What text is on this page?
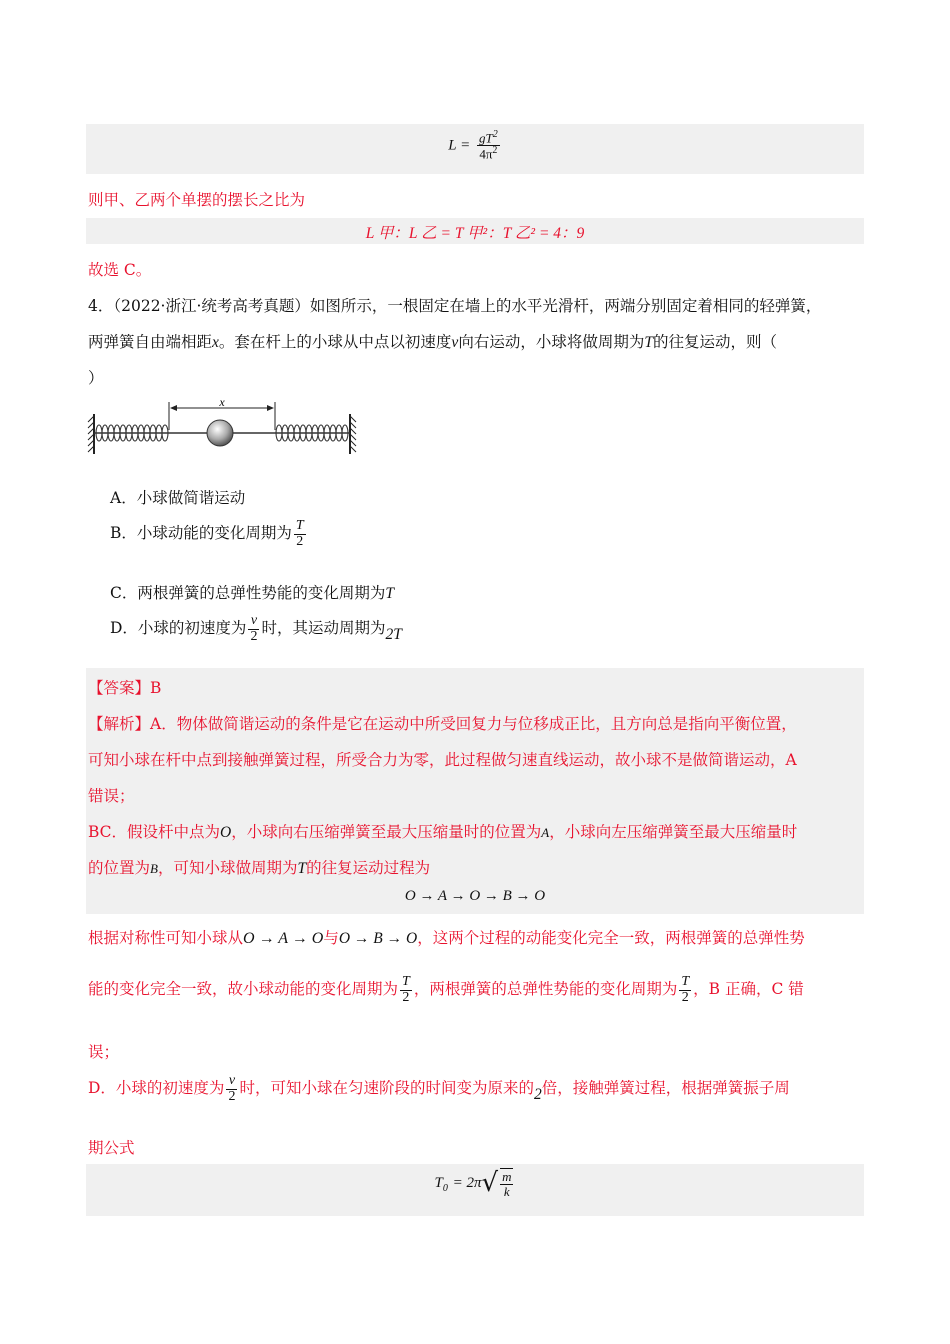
$L = \frac{gT^2}{4\pi^2}$
则甲、乙两个单摆的摆长之比为
L 甲：L 乙 = T 甲²：T 乙² = 4：9
故选 C。
4．（2022·浙江·统考高考真题）如图所示，一根固定在墙上的水平光滑杆，两端分别固定着相同的轻弹簧，
两弹簧自由端相距x。套在杆上的小球从中点以初速度v向右运动，小球将做周期为T的往复运动，则（
）
x
A．小球做简谐运动
B．小球动能的变化周期为 $\frac{T}{2}$
C．两根弹簧的总弹性势能的变化周期为T
D．小球的初速度为 $\frac{v}{2}$ 时，其运动周期为2T
【答案】B
【解析】A．物体做简谐运动的条件是它在运动中所受回复力与位移成正比，且方向总是指向平衡位置，
可知小球在杆中点到接触弹簧过程，所受合力为零，此过程做匀速直线运动，故小球不是做简谐运动，A
错误；
BC．假设杆中点为O，小球向右压缩弹簧至最大压缩量时的位置为A，小球向左压缩弹簧至最大压缩量时
的位置为B，可知小球做周期为T的往复运动过程为
O → A → O → B → O
根据对称性可知小球从O → A → O与O → B → O，这两个过程的动能变化完全一致，两根弹簧的总弹性势
能的变化完全一致，故小球动能的变化周期为 $\frac{T}{2}$ ，两根弹簧的总弹性势能的变化周期为 $\frac{T}{2}$ ，B 正确，C 错
误；
D．小球的初速度为 $\frac{v}{2}$ 时，可知小球在匀速阶段的时间变为原来的2倍，接触弹簧过程，根据弹簧振子周
期公式
$T_0 = 2\pi√ \frac{m}{k}$
